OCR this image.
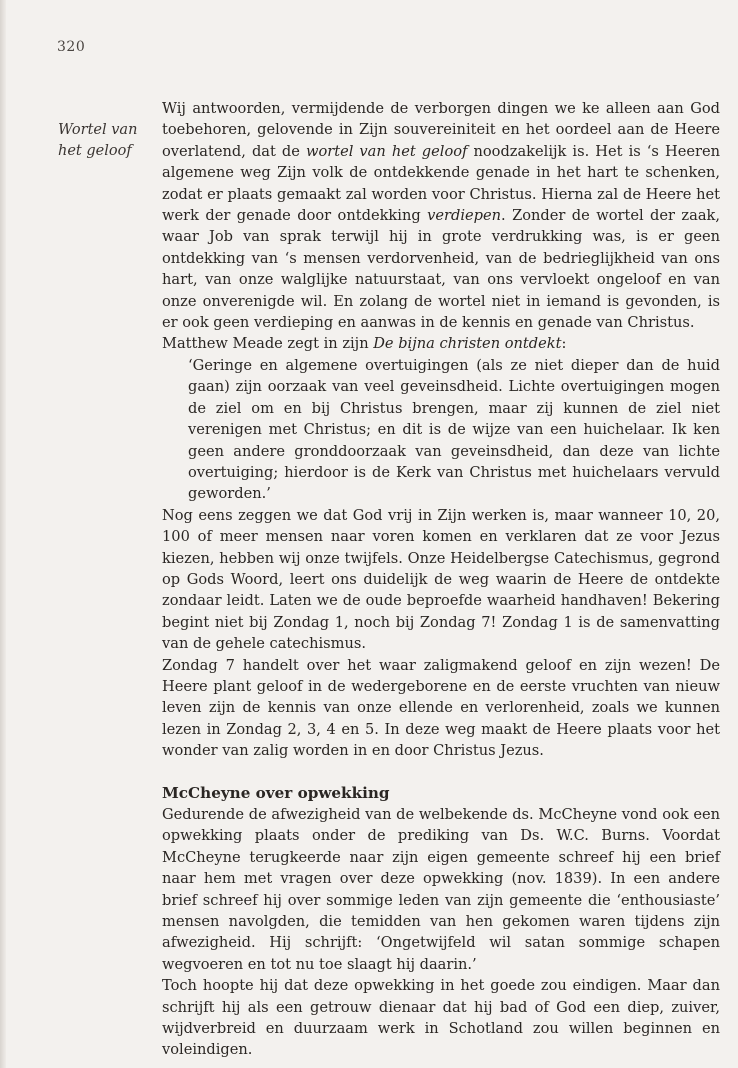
320
Wortel van
het geloof

Wij antwoorden, vermijdende de verborgen dingen we ke alleen aan God toebehoren, gelovende in Zijn souvereiniteit en het oordeel aan de Heere overlatend, dat de wortel van het geloof noodzakelijk is. Het is ‘s Heeren algemene weg Zijn volk de ontdekkende genade in het hart te schenken, zodat er plaats gemaakt zal worden voor Christus. Hierna zal de Heere het werk der genade door ontdekking verdiepen. Zonder de wortel der zaak, waar Job van sprak terwijl hij in grote verdrukking was, is er geen ontdekking van ‘s mensen verdorvenheid, van de bedrieglijkheid van ons hart, van onze walglijke natuurstaat, van ons vervloekt ongeloof en van onze onverenigde wil. En zolang de wortel niet in iemand is gevonden, is er ook geen verdieping en aanwas in de kennis en genade van Christus.

Matthew Meade zegt in zijn De bijna christen ontdekt:

‘Geringe en algemene overtuigingen (als ze niet dieper dan de huid gaan) zijn oorzaak van veel geveinsdheid. Lichte overtuigingen mogen de ziel om en bij Christus brengen, maar zij kunnen de ziel niet verenigen met Christus; en dit is de wijze van een huichelaar. Ik ken geen andere gronddoorzaak van geveinsdheid, dan deze van lichte overtuiging; hierdoor is de Kerk van Christus met huichelaars vervuld geworden.’

Nog eens zeggen we dat God vrij in Zijn werken is, maar wanneer 10, 20, 100 of meer mensen naar voren komen en verklaren dat ze voor Jezus kiezen, hebben wij onze twijfels. Onze Heidelbergse Catechismus, gegrond op Gods Woord, leert ons duidelijk de weg waarin de Heere de ontdekte zondaar leidt. Laten we de oude beproefde waarheid handhaven! Bekering begint niet bij Zondag 1, noch bij Zondag 7! Zondag 1 is de samenvatting van de gehele catechismus.

Zondag 7 handelt over het waar zaligmakend geloof en zijn wezen! De Heere plant geloof in de wedergeborene en de eerste vruchten van nieuw leven zijn de kennis van onze ellende en verlorenheid, zoals we kunnen lezen in Zondag 2, 3, 4 en 5. In deze weg maakt de Heere plaats voor het wonder van zalig worden in en door Christus Jezus.

McCheyne over opwekking

Gedurende de afwezigheid van de welbekende ds. McCheyne vond ook een opwekking plaats onder de prediking van Ds. W.C. Burns. Voordat McCheyne terugkeerde naar zijn eigen gemeente schreef hij een brief naar hem met vragen over deze opwekking (nov. 1839). In een andere brief schreef hij over sommige leden van zijn gemeente die ‘enthousiaste’ mensen navolgden, die temidden van hen gekomen waren tijdens zijn afwezigheid. Hij schrijft: ‘Ongetwijfeld wil satan sommige schapen wegvoeren en tot nu toe slaagt hij daarin.’

Toch hoopte hij dat deze opwekking in het goede zou eindigen. Maar dan schrijft hij als een getrouw dienaar dat hij bad of God een diep, zuiver, wijdverbreid en duurzaam werk in Schotland zou willen beginnen en voleindigen.
